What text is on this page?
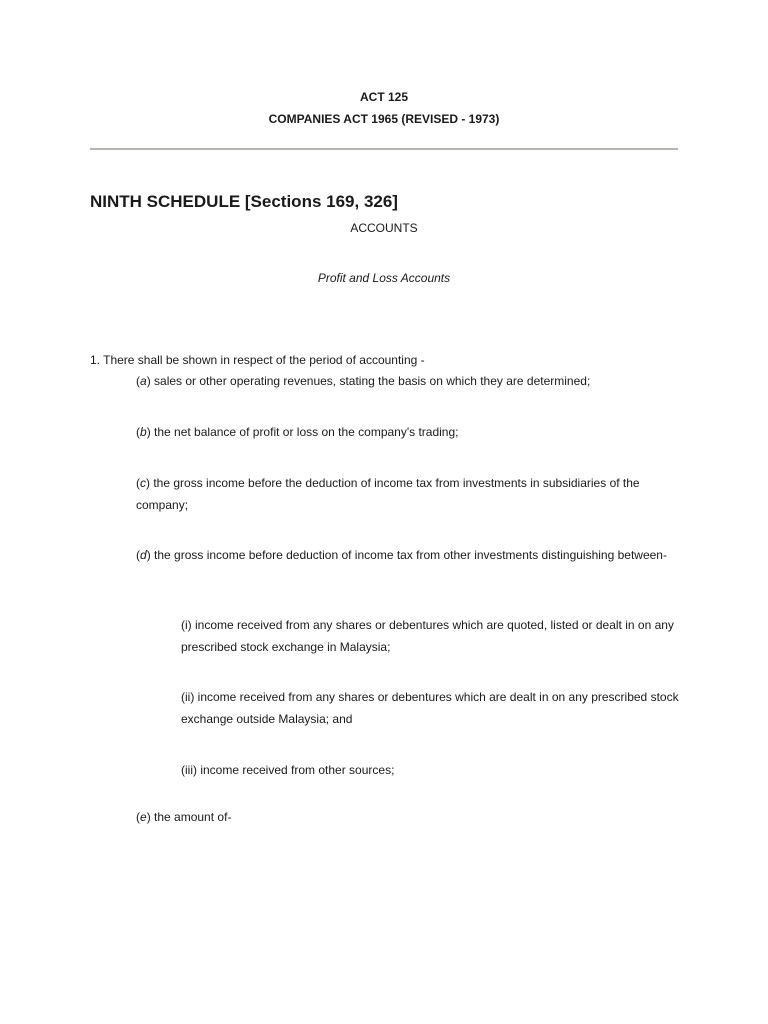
ACT 125
COMPANIES ACT 1965 (REVISED - 1973)
NINTH SCHEDULE [Sections 169, 326]
ACCOUNTS
Profit and Loss Accounts
1. There shall be shown in respect of the period of accounting -
(a) sales or other operating revenues, stating the basis on which they are determined;
(b) the net balance of profit or loss on the company's trading;
(c) the gross income before the deduction of income tax from investments in subsidiaries of the company;
(d) the gross income before deduction of income tax from other investments distinguishing between-
(i) income received from any shares or debentures which are quoted, listed or dealt in on any prescribed stock exchange in Malaysia;
(ii) income received from any shares or debentures which are dealt in on any prescribed stock exchange outside Malaysia; and
(iii) income received from other sources;
(e) the amount of-
